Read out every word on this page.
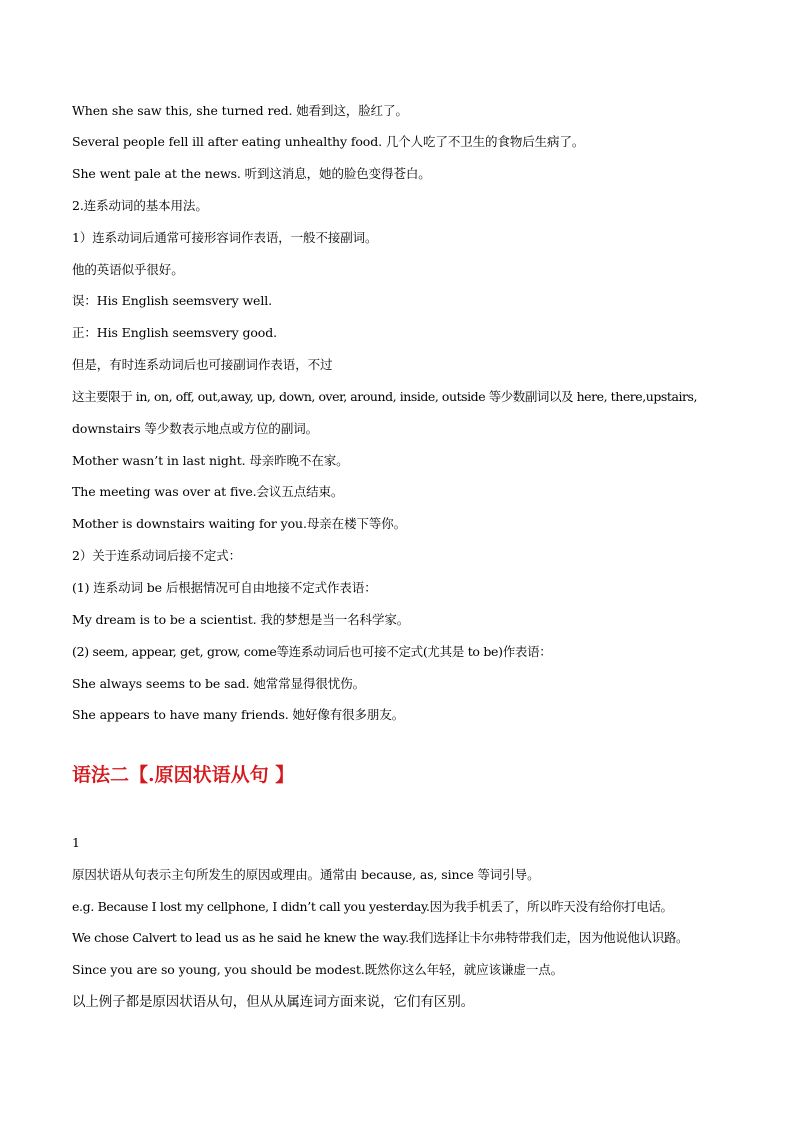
When she saw this, she turned red. 她看到这，脸红了。
Several people fell ill after eating unhealthy food. 几个人吃了不卫生的食物后生病了。
She went pale at the news. 听到这消息，她的脸色变得苍白。
2.连系动词的基本用法。
1）连系动词后通常可接形容词作表语，一般不接副词。
他的英语似乎很好。
误：His English seemsvery well.
正：His English seemsvery good.
但是，有时连系动词后也可接副词作表语，不过
这主要限于 in, on, off, out,away, up, down, over, around, inside, outside 等少数副词以及 here, there,upstairs,
downstairs 等少数表示地点或方位的副词。
Mother wasn’t in last night. 母亲昨晚不在家。
The meeting was over at five.会议五点结束。
Mother is downstairs waiting for you.母亲在楼下等你。
2）关于连系动词后接不定式：
(1) 连系动词 be 后根据情况可自由地接不定式作表语：
My dream is to be a scientist. 我的梦想是当一名科学家。
(2) seem, appear, get, grow, come等连系动词后也可接不定式(尤其是 to be)作表语：
She always seems to be sad. 她常常显得很忧伤。
She appears to have many friends. 她好像有很多朋友。
语法二【.原因状语从句 】
1
原因状语从句表示主句所发生的原因或理由。通常由 because, as, since 等词引导。
e.g. Because I lost my cellphone, I didn’t call you yesterday.因为我手机丢了，所以昨天没有给你打电话。
We chose Calvert to lead us as he said he knew the way.我们选择让卡尔弗特带我们走，因为他说他认识路。
Since you are so young, you should be modest.既然你这么年轻，就应该谦虚一点。
以上例子都是原因状语从句，但从从属连词方面来说，它们有区别。
